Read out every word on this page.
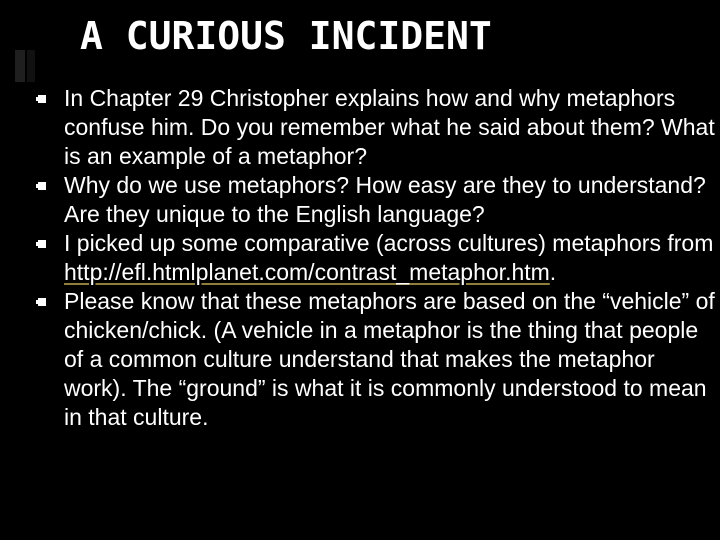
A CURIOUS INCIDENT
In Chapter 29 Christopher explains how and why metaphors confuse him. Do you remember what he said about them? What is an example of a metaphor?
Why do we use metaphors? How easy are they to understand? Are they unique to the English language?
I picked up some comparative (across cultures) metaphors from http://efl.htmlplanet.com/contrast_metaphor.htm.
Please know that these metaphors are based on the “vehicle” of chicken/chick. (A vehicle in a metaphor is the thing that people of a common culture understand that makes the metaphor work). The “ground” is what it is commonly understood to mean in that culture.
